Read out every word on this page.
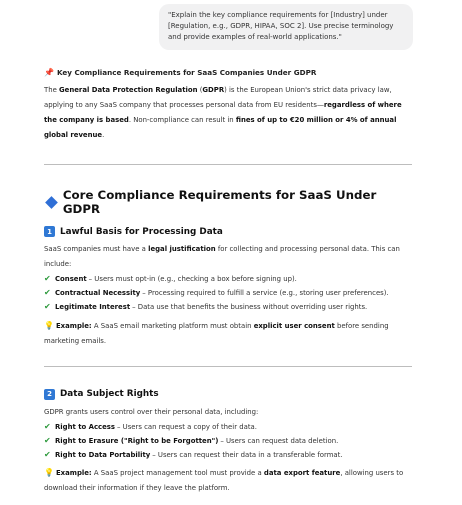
"Explain the key compliance requirements for [Industry] under [Regulation, e.g., GDPR, HIPAA, SOC 2]. Use precise terminology and provide examples of real-world applications."
📌 Key Compliance Requirements for SaaS Companies Under GDPR

The General Data Protection Regulation (GDPR) is the European Union's strict data privacy law, applying to any SaaS company that processes personal data from EU residents—regardless of where the company is based. Non-compliance can result in fines of up to €20 million or 4% of annual global revenue.

Core Compliance Requirements for SaaS Under GDPR
1 Lawful Basis for Processing Data

SaaS companies must have a legal justification for collecting and processing personal data. This can include:

✔ Consent – Users must opt-in (e.g., checking a box before signing up).
✔ Contractual Necessity – Processing required to fulfill a service (e.g., storing user preferences).
✔ Legitimate Interest – Data use that benefits the business without overriding user rights.

💡 Example: A SaaS email marketing platform must obtain explicit user consent before sending marketing emails.

2 Data Subject Rights

GDPR grants users control over their personal data, including:

✔ Right to Access – Users can request a copy of their data.
✔ Right to Erasure ("Right to be Forgotten") – Users can request data deletion.
✔ Right to Data Portability – Users can request their data in a transferable format.

💡 Example: A SaaS project management tool must provide a data export feature, allowing users to download their information if they leave the platform.
